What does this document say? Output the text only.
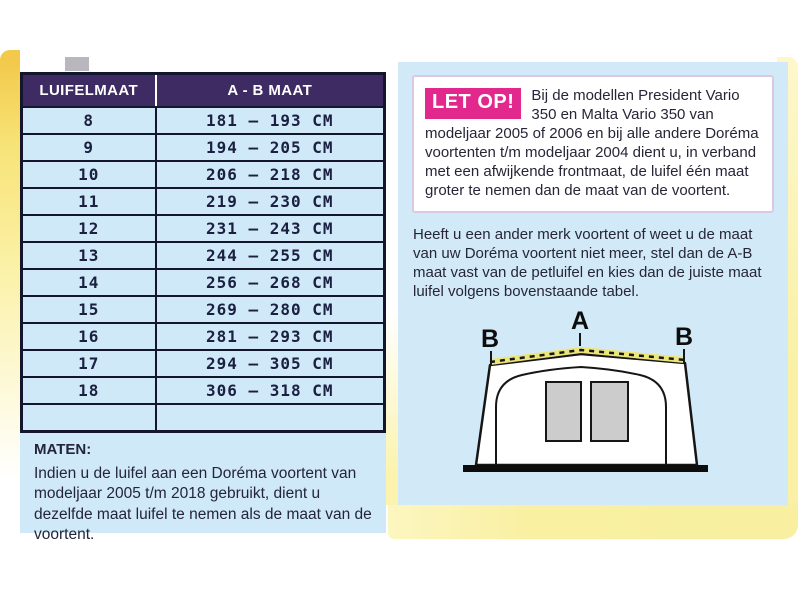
LUIFELMAAT	A - B MAAT
8	181 – 193 CM
9	194 – 205 CM
10	206 – 218 CM
11	219 – 230 CM
12	231 – 243 CM
13	244 – 255 CM
14	256 – 268 CM
15	269 – 280 CM
16	281 – 293 CM
17	294 – 305 CM
18	306 – 318 CM

MATEN:

Indien u de luifel aan een Doréma voortent van modeljaar 2005 t/m 2018 gebruikt, dient u dezelfde maat luifel te nemen als de maat van de voortent.

LET OP!	Bij de modellen President Vario 350 en Malta Vario 350 van modeljaar 2005 of 2006 en bij alle andere Doréma voortenten t/m modeljaar 2004 dient u, in verband met een afwijkende frontmaat, de luifel één maat groter te nemen dan de maat van de voortent.

Heeft u een ander merk voortent of weet u de maat van uw Doréma voortent niet meer, stel dan de A-B maat vast van de petluifel en kies dan de juiste maat luifel volgens bovenstaande tabel.

A
B	B
